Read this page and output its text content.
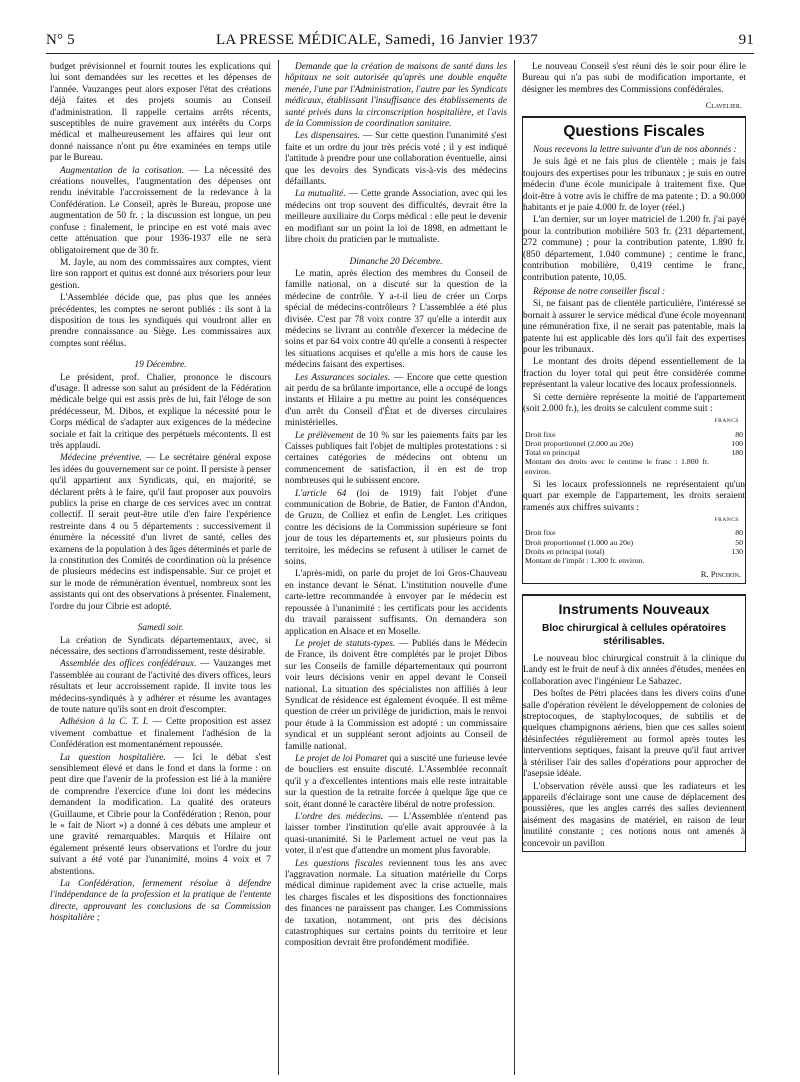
N° 5	LA PRESSE MÉDICALE, Samedi, 16 Janvier 1937	91

budget prévisionnel et fournit toutes les explications qui lui sont demandées sur les recettes et les dépenses de l'année. Vauzanges peut alors exposer l'état des créations déjà faites et des projets soumis au Conseil d'administration. Il rappelle certains arrêts récents, susceptibles de nuire gravement aux intérêts du Corps médical et malheureusement les affaires qui leur ont donné naissance n'ont pu être examinées en temps utile par le Bureau.

Augmentation de la cotisation. — La nécessité des créations nouvelles, l'augmentation des dépenses ont rendu inévitable l'accroissement de la redevance à la Confédération. Le Conseil, après le Bureau, propose une augmentation de 50 fr. ; la discussion est longue, un peu confuse : finalement, le principe en est voté mais avec cette atténuation que pour 1936-1937 elle ne sera obligatoirement que de 30 fr.

M. Jayle, au nom des commissaires aux comptes, vient lire son rapport et quitus est donné aux trésoriers pour leur gestion.

L'Assemblée décide que, pas plus que les années précédentes, les comptes ne seront publiés : ils sont à la disposition de tous les syndiqués qui voudront aller en prendre connaissance au Siège. Les commissaires aux comptes sont réélus.

19 Décembre.

Le président, prof. Chalier, prononce le discours d'usage. Il adresse son salut au président de la Fédération médicale belge qui est assis près de lui, fait l'éloge de son prédécesseur, M. Dibos, et explique la nécessité pour le Corps médical de s'adapter aux exigences de la médecine sociale et fait la critique des perpétuels mécontents. Il est très applaudi.

Médecine préventive. — Le secrétaire général expose les idées du gouvernement sur ce point. Il persiste à penser qu'il appartient aux Syndicats, qui, en majorité, se déclarent prêts à le faire, qu'il faut proposer aux pouvoirs publics la prise en charge de ces services avec un contrat collectif. Il serait peut-être utile d'en faire l'expérience restreinte dans 4 ou 5 départements : successivement il énumère la nécessité d'un livret de santé, celles des examens de la population à des âges déterminés et parle de la constitution des Comités de coordination où la présence de plusieurs médecins est indispensable. Sur ce projet et sur le mode de rémunération éventuel, nombreux sont les assistants qui ont des observations à présenter. Finalement, l'ordre du jour Cibrie est adopté.

Samedi soir.

La création de Syndicats départementaux, avec, si nécessaire, des sections d'arrondissement, reste désirable.

Assemblée des offices confédéraux. — Vauzanges met l'assemblée au courant de l'activité des divers offices, leurs résultats et leur accroissement rapide. Il invite tous les médecins-syndiqués à y adhérer et résume les avantages de toute nature qu'ils sont en droit d'escompter.

Adhésion à la C. T. I. — Cette proposition est assez vivement combattue et finalement l'adhésion de la Confédération est momentanément repoussée.

La question hospitalière. — Ici le débat s'est sensiblement élevé et dans le fond et dans la forme : on peut dire que l'avenir de la profession est lié à la manière de comprendre l'exercice d'une loi dont les médecins demandent la modification. La qualité des orateurs (Guillaume, et Cibrie pour la Confédération ; Renon, pour le « fait de Niort ») a donné à ces débats une ampleur et une gravité remarquables. Marquis et Hilaire ont également présenté leurs observations et l'ordre du jour suivant a été voté par l'unanimité, moins 4 voix et 7 abstentions.

La Confédération, fermement résolue à défendre l'indépendance de la profession et la pratique de l'entente directe, approuvant les conclusions de sa Commission hospitalière ;

Demande que la création de maisons de santé dans les hôpitaux ne soit autorisée qu'après une double enquête menée, l'une par l'Administration, l'autre par les Syndicats médicaux, établissant l'insuffisance des établissements de santé privés dans la circonscription hospitalière, et l'avis de la Commission de coordination sanitaire.

Les dispensaires. — Sur cette question l'unanimité s'est faite et un ordre du jour très précis voté ; il y est indiqué l'attitude à prendre pour une collaboration éventuelle, ainsi que les devoirs des Syndicats vis-à-vis des médecins défaillants.

La mutualité. — Cette grande Association, avec qui les médecins ont trop souvent des difficultés, devrait être la meilleure auxiliaire du Corps médical : elle peut le devenir en modifiant sur un point la loi de 1898, en admettant le libre choix du praticien par le mutualiste.

Dimanche 20 Décembre.

Le matin, après élection des membres du Conseil de famille national, on a discuté sur la question de la médecine de contrôle. Y a-t-il lieu de créer un Corps spécial de médecins-contrôleurs ? L'assemblée a été plus divisée. C'est par 78 voix contre 37 qu'elle a interdit aux médecins se livrant au contrôle d'exercer la médecine de soins et par 64 voix contre 40 qu'elle a consenti à respecter les situations acquises et qu'elle a mis hors de cause les médecins faisant des expertises.

Les Assurances sociales. — Encore que cette question ait perdu de sa brûlante importance, elle a occupé de longs instants et Hilaire a pu mettre au point les conséquences d'un arrêt du Conseil d'État et de diverses circulaires ministérielles.

Le prélèvement de 10 % sur les paiements faits par les Caisses publiques fait l'objet de multiples protestations : si certaines catégories de médecins ont obtenu un commencement de satisfaction, il en est de trop nombreuses qui le subissent encore.

L'article 64 (loi de 1919) fait l'objet d'une communication de Bobrie, de Batier, de Fanton d'Andon, de Gruzu, de Colliez et enfin de Lenglet. Les critiques contre les décisions de la Commission supérieure se font jour de tous les départements et, sur plusieurs points du territoire, les médecins se refusent à utiliser le carnet de soins.

L'après-midi, on parle du projet de loi Gros-Chauveau en instance devant le Sénat. L'institution nouvelle d'une carte-lettre recommandée à envoyer par le médecin est repoussée à l'unanimité : les certificats pour les accidents du travail paraissent suffisants. On demandera son application en Alsace et en Moselle.

Le projet de statuts-types. — Publiés dans le Médecin de France, ils doivent être complétés par le projet Dibos sur les Conseils de famille départementaux qui pourront voir leurs décisions venir en appel devant le Conseil national. La situation des spécialistes non affiliés à leur Syndicat de résidence est également évoquée. Il est même question de créer un privilège de juridiction, mais le renvoi pour étude à la Commission est adopté : un commissaire syndical et un suppléant seront adjoints au Conseil de famille national.

Le projet de loi Pomaret qui a suscité une furieuse levée de boucliers est ensuite discuté. L'Assemblée reconnaît qu'il y a d'excellentes intentions mais elle reste intraitable sur la question de la retraite forcée à quelque âge que ce soit, étant donné le caractère libéral de notre profession.

L'ordre des médecins. — L'Assemblée n'entend pas laisser tomber l'institution qu'elle avait approuvée à la quasi-unanimité. Si le Parlement actuel ne veut pas la voter, il n'est que d'attendre un moment plus favorable.

Les questions fiscales reviennent tous les ans avec l'aggravation normale. La situation matérielle du Corps médical diminue rapidement avec la crise actuelle, mais les charges fiscales et les dispositions des fonctionnaires des finances ne paraissent pas changer. Les Commissions de taxation, notamment, ont pris des décisions catastrophiques sur certains points du territoire et leur composition devrait être profondément modifiée.

Le nouveau Conseil s'est réuni dès le soir pour élire le Bureau qui n'a pas subi de modification importante, et désigner les membres des Commissions confédérales.

Clavelier.
Questions Fiscales

Nous recevons la lettre suivante d'un de nos abonnés :

Je suis âgé et ne fais plus de clientèle ; mais je fais toujours des expertises pour les tribunaux ; je suis en outre médecin d'une école municipale à traitement fixe. Que doit-être à votre avis le chiffre de ma patente ; D. a 90.000 habitants et je paie 4.000 fr. de loyer (réel.)

L'an dernier, sur un loyer matriciel de 1.200 fr. j'ai payé pour la contribution mobilière 503 fr. (231 département, 272 commune) ; pour la contribution patente, 1.890 fr. (850 département, 1.040 commune) ; centime le franc, contribution mobilière, 0,419 centime le franc, contribution patente, 10,05.

Réponse de notre conseiller fiscal :

Si, ne faisant pas de clientèle particulière, l'intéressé se bornait à assurer le service médical d'une école moyennant une rémunération fixe, il ne serait pas patentable, mais la patente lui est applicable dès lors qu'il fait des expertises pour les tribunaux.

Le montant des droits dépend essentiellement de la fraction du loyer total qui peut être considérée comme représentant la valeur locative des locaux professionnels.

Si cette dernière représente la moitié de l'appartement (soit 2.000 fr.), les droits se calculent comme suit :

FRANCS
Droit fixe	80
Droit proportionnel (2.000 au 20e)	100
Total en principal	180
Montant des droits avec le centime le franc : 1.800 fr. environ.	

Si les locaux professionnels ne représentaient qu'un quart par exemple de l'appartement, les droits seraient ramenés aux chiffres suivants :

FRANCS
Droit fixe	80
Droit proportionnel (1.000 au 20e)	50
Droits en principal (total)	130
Montant de l'impôt : 1.300 fr. environ.	
R. Pinchon.
Instruments Nouveaux
Bloc chirurgical à cellules opératoires stérilisables.

Le nouveau bloc chirurgical construit à la clinique du Landy est le fruit de neuf à dix années d'études, menées en collaboration avec l'ingénieur Le Sabazec.

Des boîtes de Pétri placées dans les divers coins d'une salle d'opération révèlent le développement de colonies de streptocoques, de staphylocoques, de subtilis et de quelques champignons aériens, bien que ces salles soient désinfectées régulièrement au formol après toutes les interventions septiques, faisant la preuve qu'il faut arriver à stériliser l'air des salles d'opérations pour approcher de l'asepsie idéale.

L'observation révèle aussi que les radiateurs et les appareils d'éclairage sont une cause de déplacement des poussières, que les angles carrés des salles deviennent aisément des magasins de matériel, en raison de leur inutilité constante ; ces notions nous ont amenés à concevoir un pavillon
